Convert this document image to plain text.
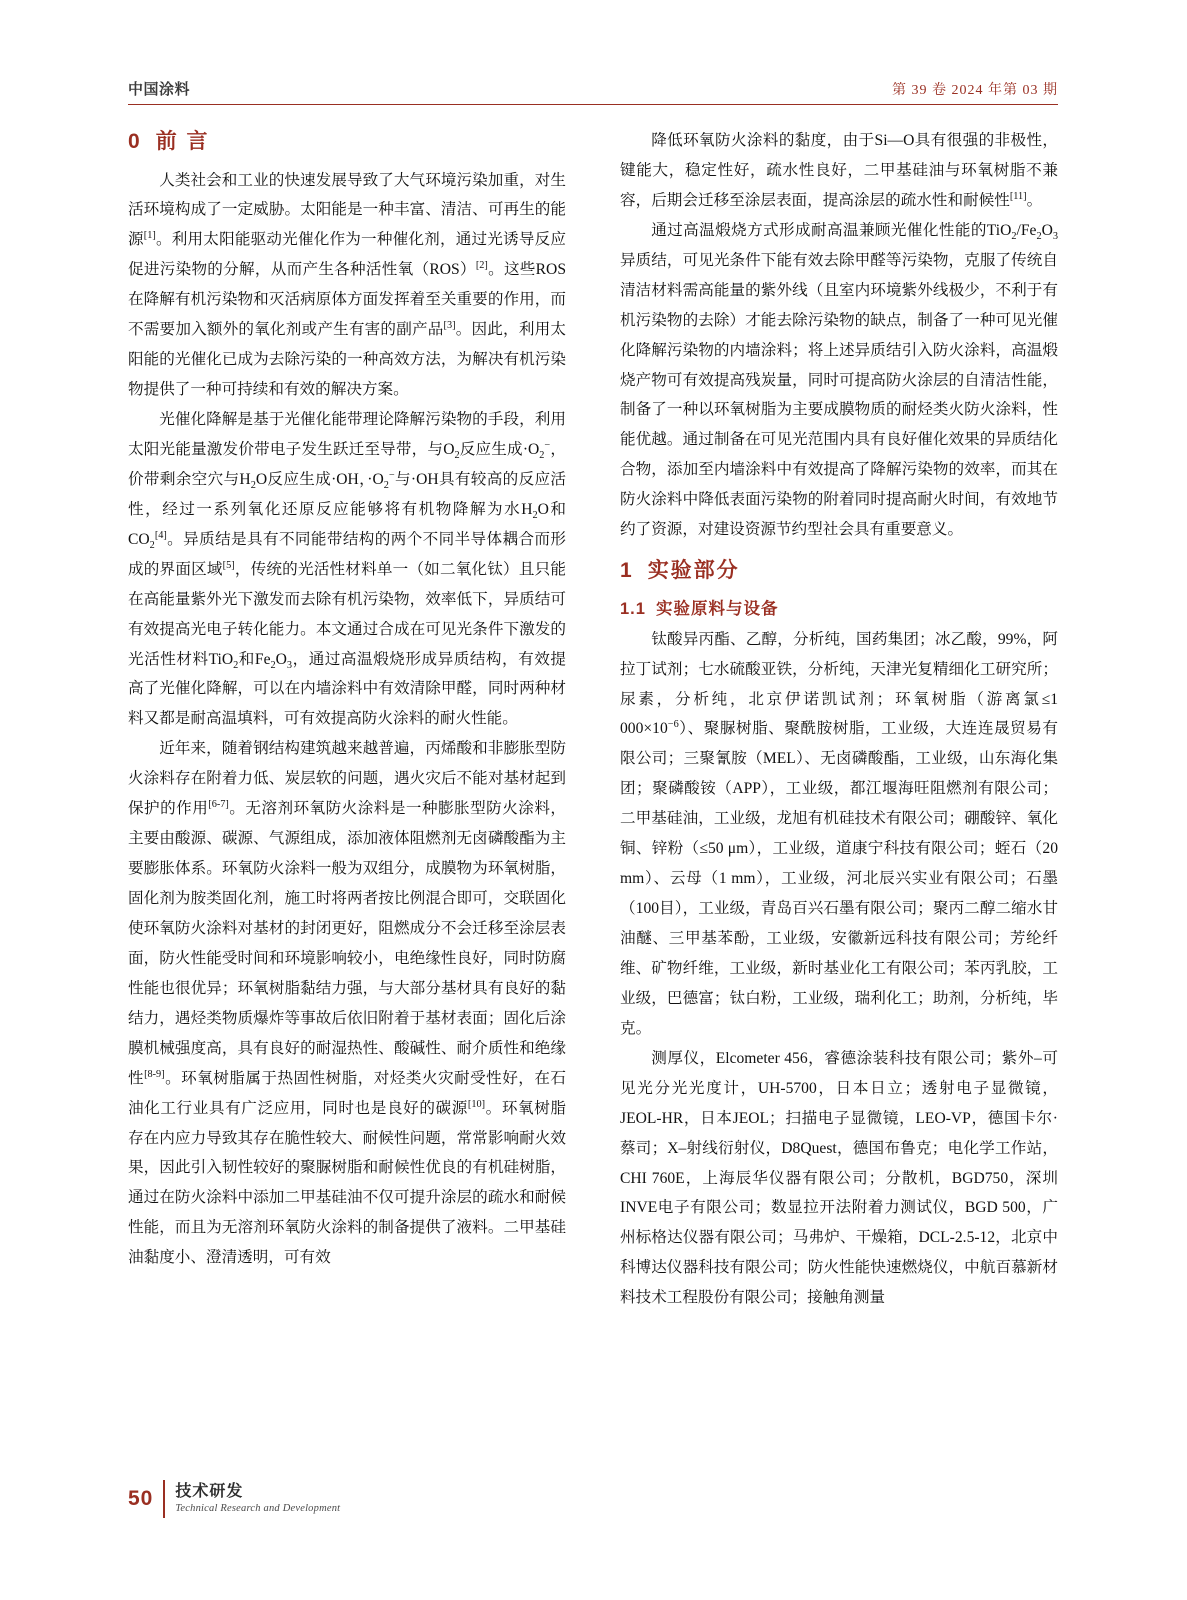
中国涂料	第 39 卷 2024 年第 03 期
0 前 言

人类社会和工业的快速发展导致了大气环境污染加重，对生活环境构成了一定威胁。太阳能是一种丰富、清洁、可再生的能源[1]。利用太阳能驱动光催化作为一种催化剂，通过光诱导反应促进污染物的分解，从而产生各种活性氧（ROS）[2]。这些ROS在降解有机污染物和灭活病原体方面发挥着至关重要的作用，而不需要加入额外的氧化剂或产生有害的副产品[3]。因此，利用太阳能的光催化已成为去除污染的一种高效方法，为解决有机污染物提供了一种可持续和有效的解决方案。

光催化降解是基于光催化能带理论降解污染物的手段，利用太阳光能量激发价带电子发生跃迁至导带，与$O_2$反应生成$\cdot O_2^-$，价带剩余空穴与$H_2O$反应生成·OH，$\cdot O_2^-$与·OH具有较高的反应活性，经过一系列氧化还原反应能够将有机物降解为水$H_2O$和$CO_2[4]$。异质结是具有不同能带结构的两个不同半导体耦合而形成的界面区域[5]，传统的光活性材料单一（如二氧化钛）且只能在高能量紫外光下激发而去除有机污染物，效率低下，异质结可有效提高光电子转化能力。本文通过合成在可见光条件下激发的光活性材料TiO$_2$和$Fe_2O_3$，通过高温煅烧形成异质结构，有效提高了光催化降解，可以在内墙涂料中有效清除甲醛，同时两种材料又都是耐高温填料，可有效提高防火涂料的耐火性能。

近年来，随着钢结构建筑越来越普遍，丙烯酸和非膨胀型防火涂料存在附着力低、炭层软的问题，遇火灾后不能对基材起到保护的作用[6-7]。无溶剂环氧防火涂料是一种膨胀型防火涂料，主要由酸源、碳源、气源组成，添加液体阻燃剂无卤磷酸酯为主要膨胀体系。环氧防火涂料一般为双组分，成膜物为环氧树脂，固化剂为胺类固化剂，施工时将两者按比例混合即可，交联固化使环氧防火涂料对基材的封闭更好，阻燃成分不会迁移至涂层表面，防火性能受时间和环境影响较小，电绝缘性良好，同时防腐性能也很优异；环氧树脂黏结力强，与大部分基材具有良好的黏结力，遇烃类物质爆炸等事故后依旧附着于基材表面；固化后涂膜机械强度高，具有良好的耐湿热性、酸碱性、耐介质性和绝缘性[8-9]。环氧树脂属于热固性树脂，对烃类火灾耐受性好，在石油化工行业具有广泛应用，同时也是良好的碳源[10]。环氧树脂存在内应力导致其存在脆性较大、耐候性问题，常常影响耐火效果，因此引入韧性较好的聚脲树脂和耐候性优良的有机硅树脂，通过在防火涂料中添加二甲基硅油不仅可提升涂层的疏水和耐候性能，而且为无溶剂环氧防火涂料的制备提供了液料。二甲基硅油黏度小、澄清透明，可有效

降低环氧防火涂料的黏度，由于Si—O具有很强的非极性，键能大，稳定性好，疏水性良好，二甲基硅油与环氧树脂不兼容，后期会迁移至涂层表面，提高涂层的疏水性和耐候性[11]。

通过高温煅烧方式形成耐高温兼顾光催化性能的$TiO_2/Fe_2O_3$异质结，可见光条件下能有效去除甲醛等污染物，克服了传统自清洁材料需高能量的紫外线（且室内环境紫外线极少，不利于有机污染物的去除）才能去除污染物的缺点，制备了一种可见光催化降解污染物的内墙涂料；将上述异质结引入防火涂料，高温煅烧产物可有效提高残炭量，同时可提高防火涂层的自清洁性能，制备了一种以环氧树脂为主要成膜物质的耐烃类火防火涂料，性能优越。通过制备在可见光范围内具有良好催化效果的异质结化合物，添加至内墙涂料中有效提高了降解污染物的效率，而其在防火涂料中降低表面污染物的附着同时提高耐火时间，有效地节约了资源，对建设资源节约型社会具有重要意义。

1 实验部分
1.1 实验原料与设备

钛酸异丙酯、乙醇，分析纯，国药集团；冰乙酸，99%，阿拉丁试剂；七水硫酸亚铁，分析纯，天津光复精细化工研究所；尿素，分析纯，北京伊诺凯试剂；环氧树脂（游离氯≤1 $000\times 10^{-6}$）、聚脲树脂、聚酰胺树脂，工业级，大连连晟贸易有限公司；三聚氰胺（MEL）、无卤磷酸酯，工业级，山东海化集团；聚磷酸铵（APP），工业级，都江堰海旺阻燃剂有限公司；二甲基硅油，工业级，龙旭有机硅技术有限公司；硼酸锌、氧化铜、锌粉（≤50 μm），工业级，道康宁科技有限公司；蛭石（20 mm）、云母（1 mm），工业级，河北辰兴实业有限公司；石墨（100目），工业级，青岛百兴石墨有限公司；聚丙二醇二缩水甘油醚、三甲基苯酚，工业级，安徽新远科技有限公司；芳纶纤维、矿物纤维，工业级，新时基业化工有限公司；苯丙乳胶，工业级，巴德富；钛白粉，工业级，瑞利化工；助剂，分析纯，毕克。

测厚仪，Elcometer 456，睿德涂装科技有限公司；紫外–可见光分光光度计，UH-5700，日本日立；透射电子显微镜，JEOL-HR，日本JEOL；扫描电子显微镜，LEO-VP，德国卡尔·蔡司；X–射线衍射仪，D8Quest，德国布鲁克；电化学工作站，CHI 760E，上海辰华仪器有限公司；分散机，BGD750，深圳INVE电子有限公司；数显拉开法附着力测试仪，BGD 500，广州标格达仪器有限公司；马弗炉、干燥箱，DCL-2.5-12，北京中科博达仪器科技有限公司；防火性能快速燃烧仪，中航百慕新材料技术工程股份有限公司；接触角测量

50 技术研发
Technical Research and Development
